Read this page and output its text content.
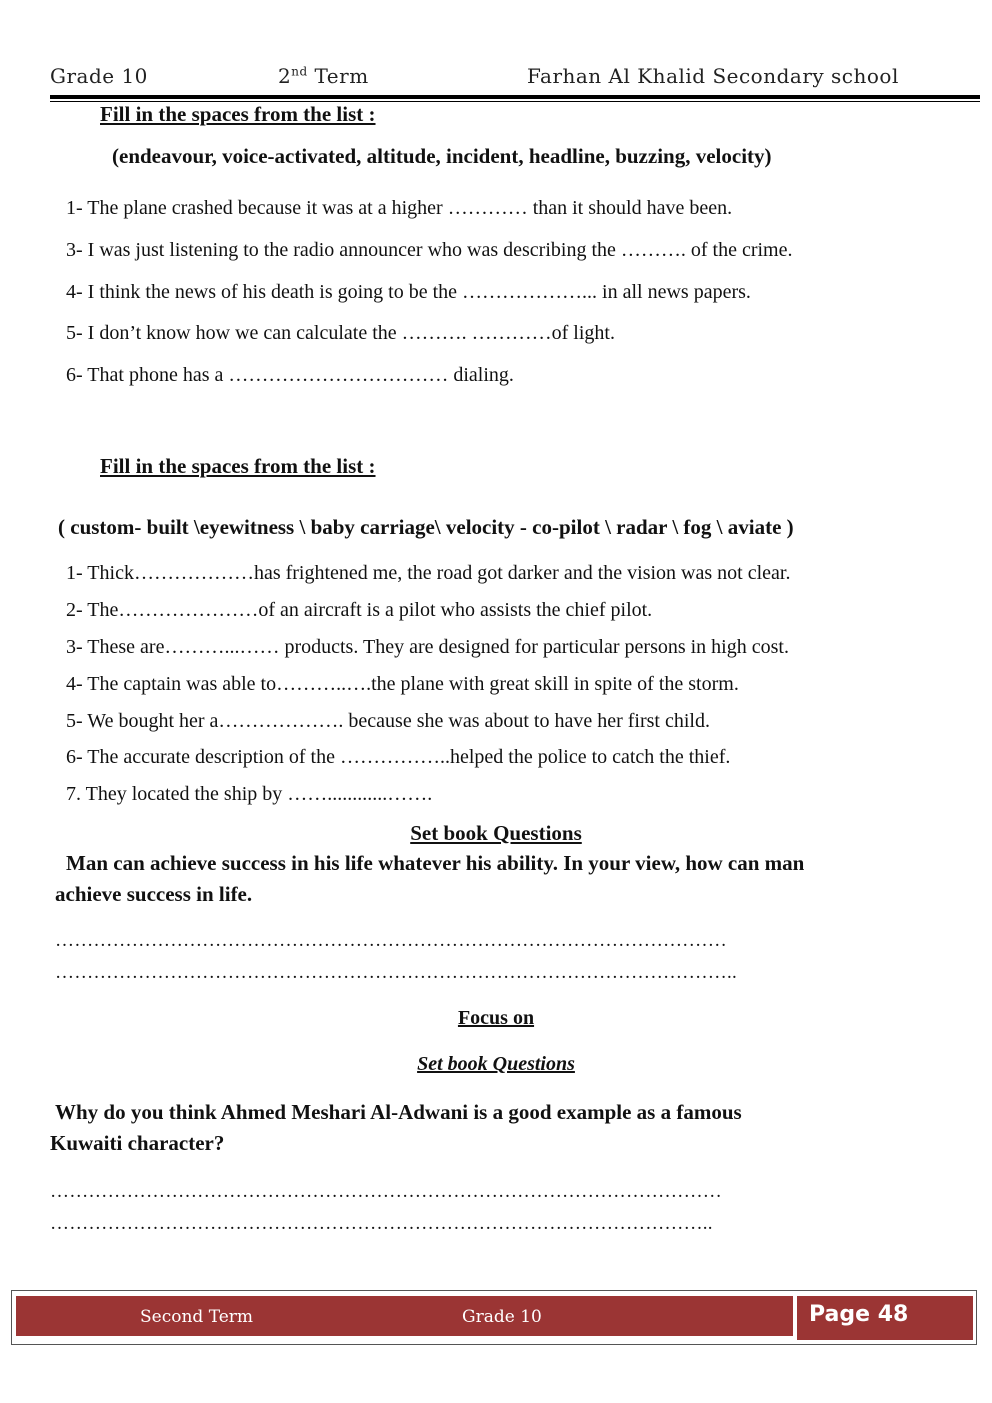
Grade 10	2nd Term	Farhan Al Khalid Secondary school
Fill in the spaces from the list :
(endeavour, voice-activated, altitude, incident, headline, buzzing, velocity)
1- The plane crashed because it was at a higher ………… than it should have been.
3- I was just listening to the radio announcer who was describing the ………. of the crime.
4- I think the news of his death is going to be the ………………... in all news papers.
5- I don’t know how we can calculate the ………. …………of light.
6- That phone has a …………………………… dialing.
Fill in the spaces from the list :
( custom- built \eyewitness \ baby carriage\ velocity - co-pilot \ radar \ fog \ aviate )
1- Thick………………has frightened me, the road got darker and the vision was not clear.
2- The…………………of an aircraft is a pilot who assists the chief pilot.
3- These are………...…… products. They are designed for particular persons in high cost.
4- The captain was able to………..….the plane with great skill in spite of the storm.
5- We bought her a………………. because she was about to have her first child.
6- The accurate description of the ……………..helped the police to catch the thief.
7. They located the ship by ……............…….
Set book Questions
Man can achieve success in his life whatever his ability. In your view, how can man
achieve success in life.
……………………………………………………………………………………………
……………………………………………………………………………………………..
Focus on
Set book Questions
Why do you think Ahmed Meshari Al-Adwani is a good example as a famous
Kuwaiti character?
……………………………………………………………………………………………
…………………………………………………………………………………………..
Second Term	Grade 10	Page 48
